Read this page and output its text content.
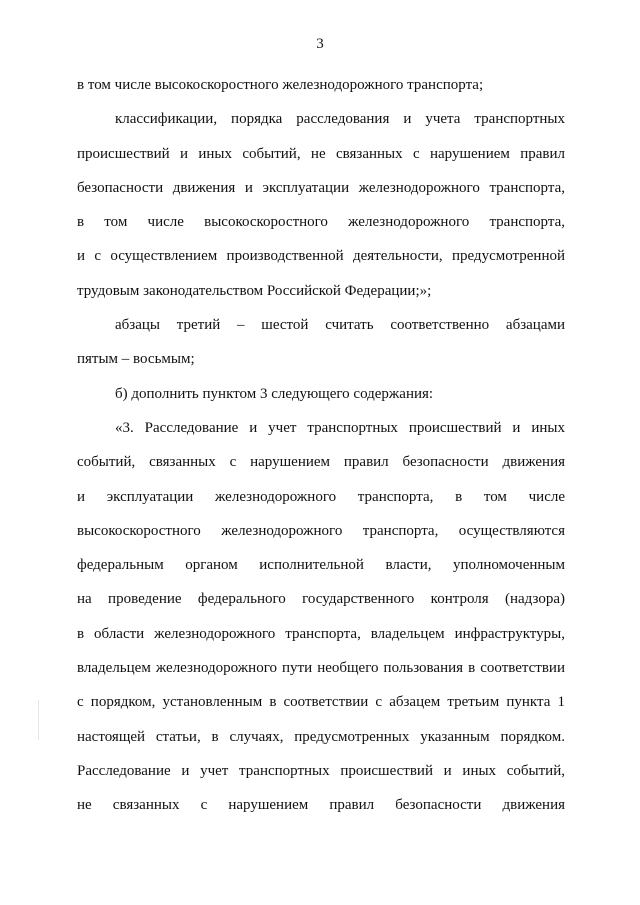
3
в том числе высокоскоростного железнодорожного транспорта;
классификации, порядка расследования и учета транспортных
происшествий и иных событий, не связанных с нарушением правил
безопасности движения и эксплуатации железнодорожного транспорта,
в том числе высокоскоростного железнодорожного транспорта,
и с осуществлением производственной деятельности, предусмотренной
трудовым законодательством Российской Федерации;»;
абзацы третий – шестой считать соответственно абзацами
пятым – восьмым;
б) дополнить пунктом 3 следующего содержания:
«3. Расследование и учет транспортных происшествий и иных
событий, связанных с нарушением правил безопасности движения
и эксплуатации железнодорожного транспорта, в том числе
высокоскоростного железнодорожного транспорта, осуществляются
федеральным органом исполнительной власти, уполномоченным
на проведение федерального государственного контроля (надзора)
в области железнодорожного транспорта, владельцем инфраструктуры,
владельцем железнодорожного пути необщего пользования в соответствии
с порядком, установленным в соответствии с абзацем третьим пункта 1
настоящей статьи, в случаях, предусмотренных указанным порядком.
Расследование и учет транспортных происшествий и иных событий,
не связанных с нарушением правил безопасности движения
